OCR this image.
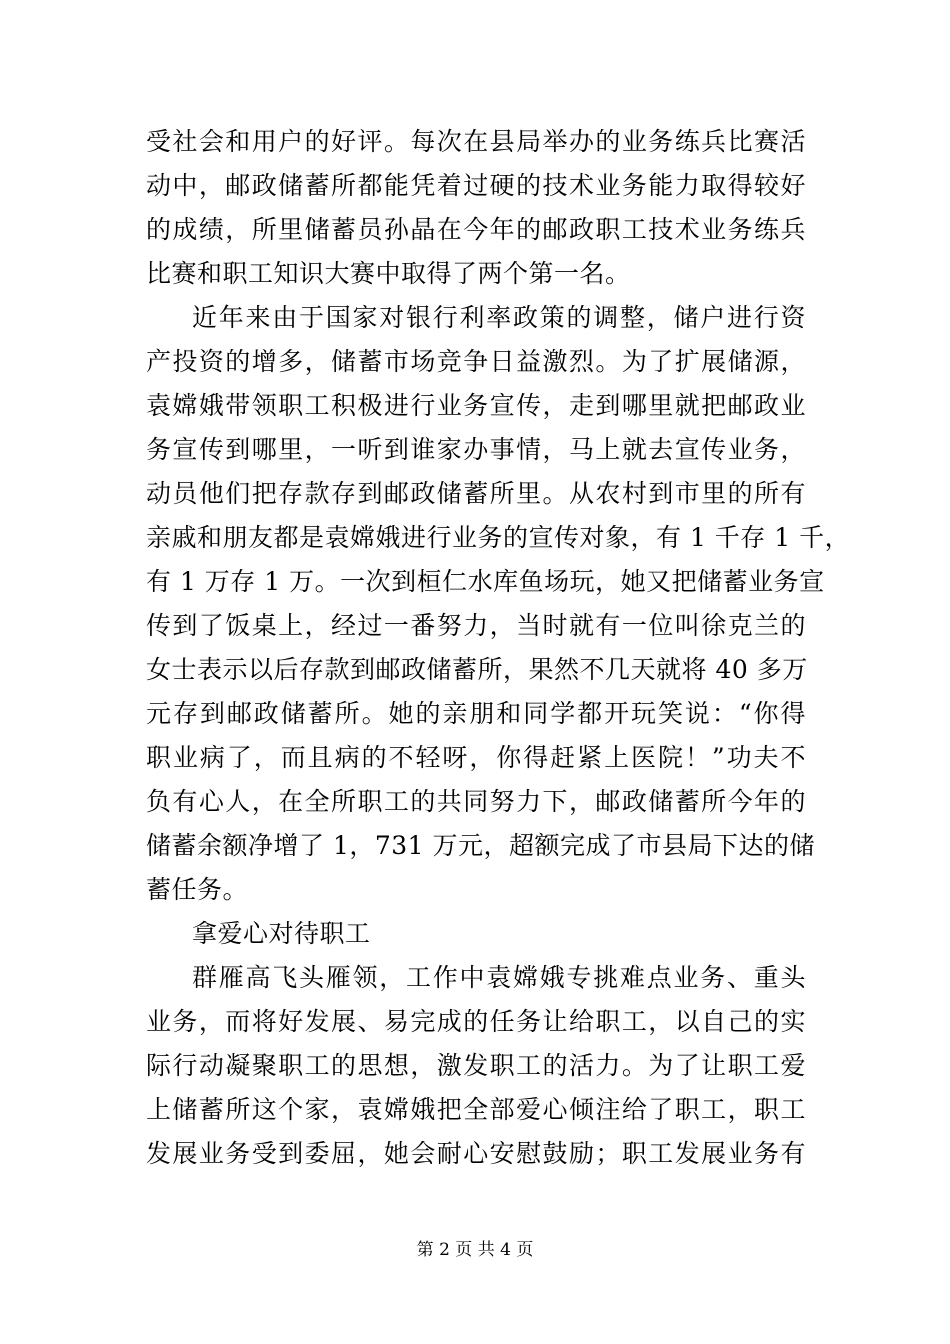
受社会和用户的好评。每次在县局举办的业务练兵比赛活
动中，邮政储蓄所都能凭着过硬的技术业务能力取得较好
的成绩，所里储蓄员孙晶在今年的邮政职工技术业务练兵
比赛和职工知识大赛中取得了两个第一名。
近年来由于国家对银行利率政策的调整，储户进行资
产投资的增多，储蓄市场竞争日益激烈。为了扩展储源，
袁嫦娥带领职工积极进行业务宣传，走到哪里就把邮政业
务宣传到哪里，一听到谁家办事情，马上就去宣传业务，
动员他们把存款存到邮政储蓄所里。从农村到市里的所有
亲戚和朋友都是袁嫦娥进行业务的宣传对象，有 1 千存 1 千，
有 1 万存 1 万。一次到桓仁水库鱼场玩，她又把储蓄业务宣
传到了饭桌上，经过一番努力，当时就有一位叫徐克兰的
女士表示以后存款到邮政储蓄所，果然不几天就将 40 多万
元存到邮政储蓄所。她的亲朋和同学都开玩笑说：“你得
职业病了，而且病的不轻呀，你得赶紧上医院！”功夫不
负有心人，在全所职工的共同努力下，邮政储蓄所今年的
储蓄余额净增了 1，731 万元，超额完成了市县局下达的储
蓄任务。
拿爱心对待职工
群雁高飞头雁领，工作中袁嫦娥专挑难点业务、重头
业务，而将好发展、易完成的任务让给职工，以自己的实
际行动凝聚职工的思想，激发职工的活力。为了让职工爱
上储蓄所这个家，袁嫦娥把全部爱心倾注给了职工，职工
发展业务受到委屈，她会耐心安慰鼓励；职工发展业务有
第 2 页 共 4 页
